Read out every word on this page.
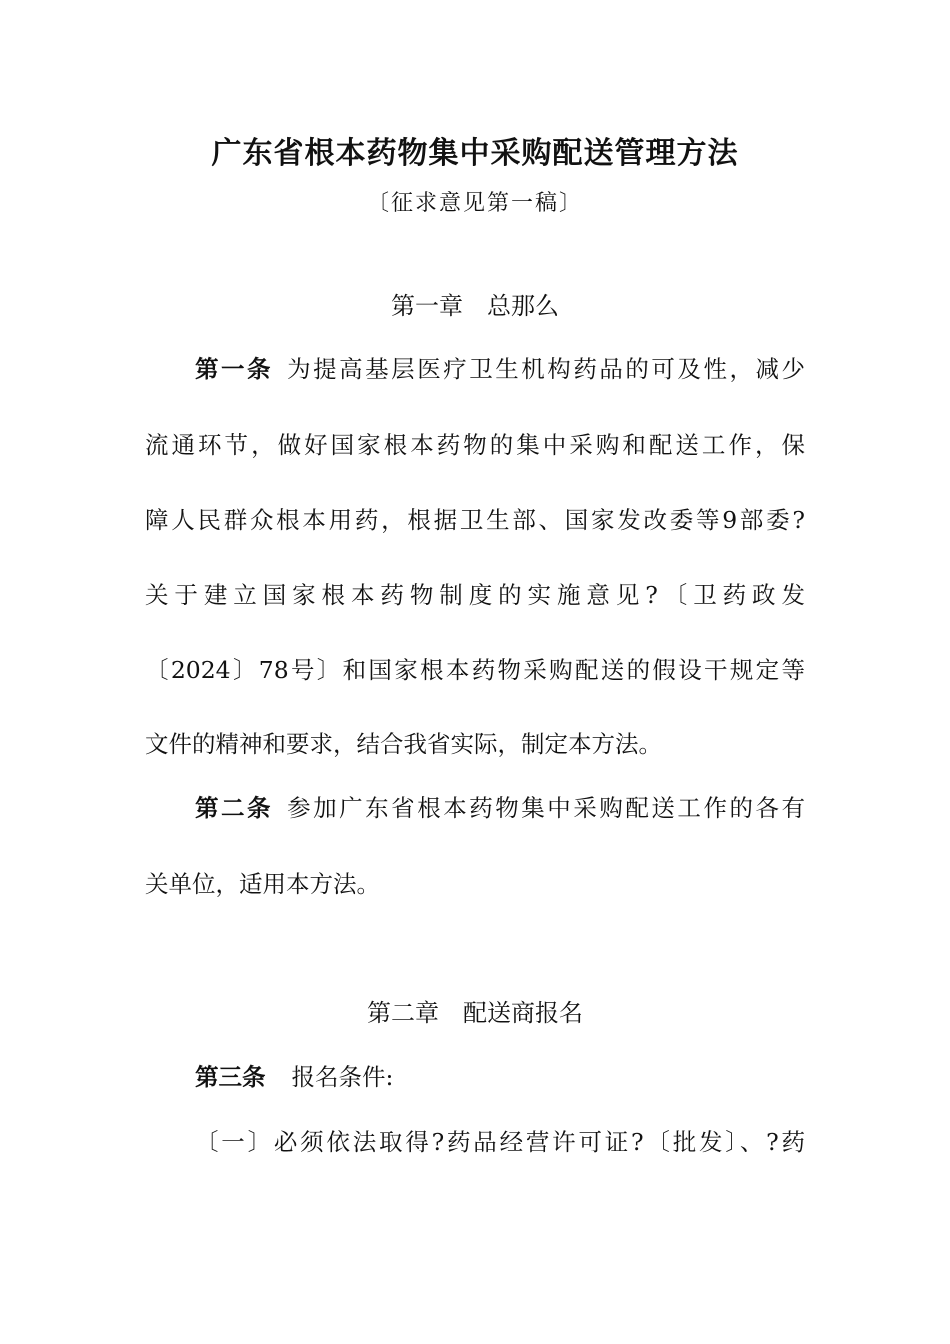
广东省根本药物集中采购配送管理方法
〔征求意见第一稿〕
第一章 总那么
第一条 为提高基层医疗卫生机构药品的可及性，减少
流通环节，做好国家根本药物的集中采购和配送工作，保
障人民群众根本用药，根据卫生部、国家发改委等9部委?
关于建立国家根本药物制度的实施意见?〔卫药政发
〔2024〕78号〕和国家根本药物采购配送的假设干规定等
文件的精神和要求，结合我省实际，制定本方法。
第二条 参加广东省根本药物集中采购配送工作的各有
关单位，适用本方法。
第二章 配送商报名
第三条 报名条件:
〔一〕必须依法取得?药品经营许可证?〔批发〕、?药
